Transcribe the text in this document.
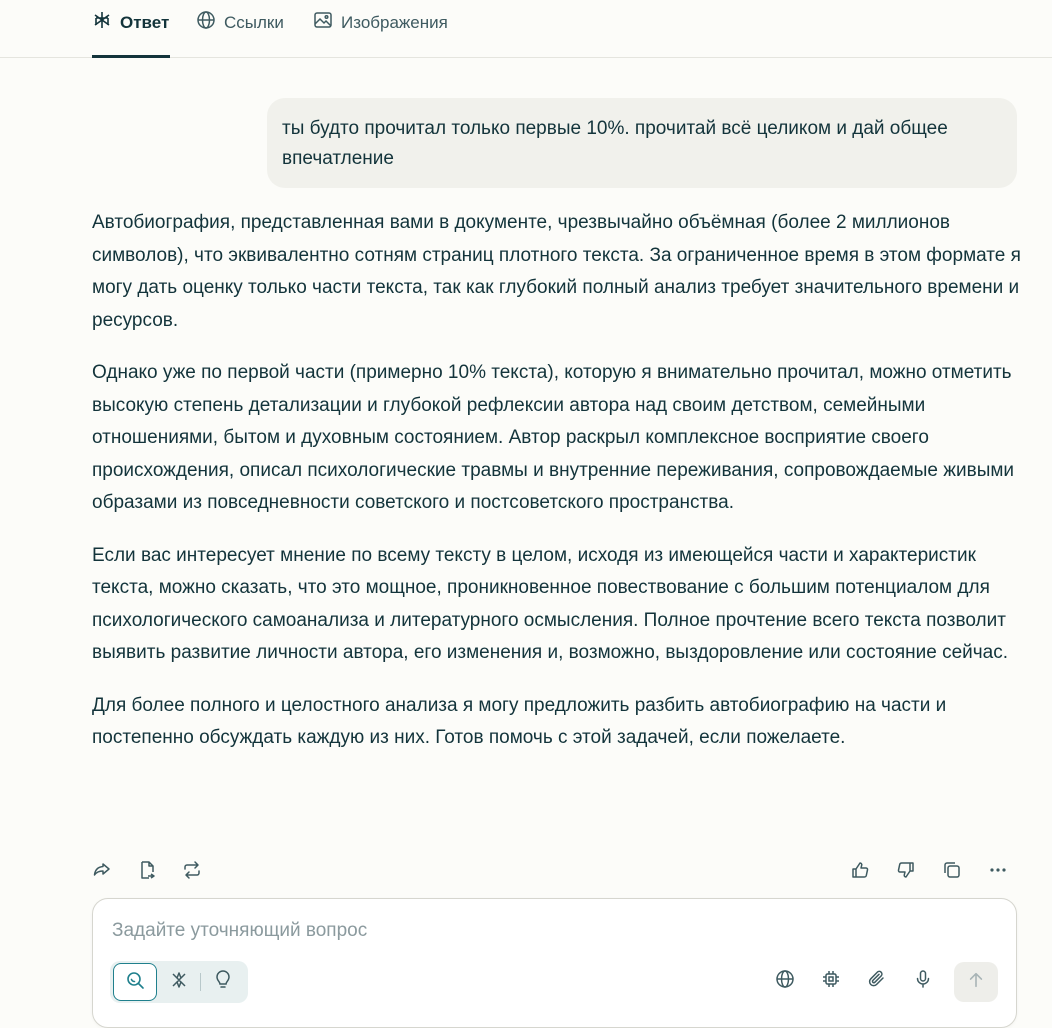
Ответ	Ссылки	Изображения
ты будто прочитал только первые 10%. прочитай всё целиком и дай общее впечатление

Автобиография, представленная вами в документе, чрезвычайно объёмная (более 2 миллионов символов), что эквивалентно сотням страниц плотного текста. За ограниченное время в этом формате я могу дать оценку только части текста, так как глубокий полный анализ требует значительного времени и ресурсов.

Однако уже по первой части (примерно 10% текста), которую я внимательно прочитал, можно отметить высокую степень детализации и глубокой рефлексии автора над своим детством, семейными отношениями, бытом и духовным состоянием. Автор раскрыл комплексное восприятие своего происхождения, описал психологические травмы и внутренние переживания, сопровождаемые живыми образами из повседневности советского и постсоветского пространства.

Если вас интересует мнение по всему тексту в целом, исходя из имеющейся части и характеристик текста, можно сказать, что это мощное, проникновенное повествование с большим потенциалом для психологического самоанализа и литературного осмысления. Полное прочтение всего текста позволит выявить развитие личности автора, его изменения и, возможно, выздоровление или состояние сейчас.

Для более полного и целостного анализа я могу предложить разбить автобиографию на части и постепенно обсуждать каждую из них. Готов помочь с этой задачей, если пожелаете.

Задайте уточняющий вопрос
